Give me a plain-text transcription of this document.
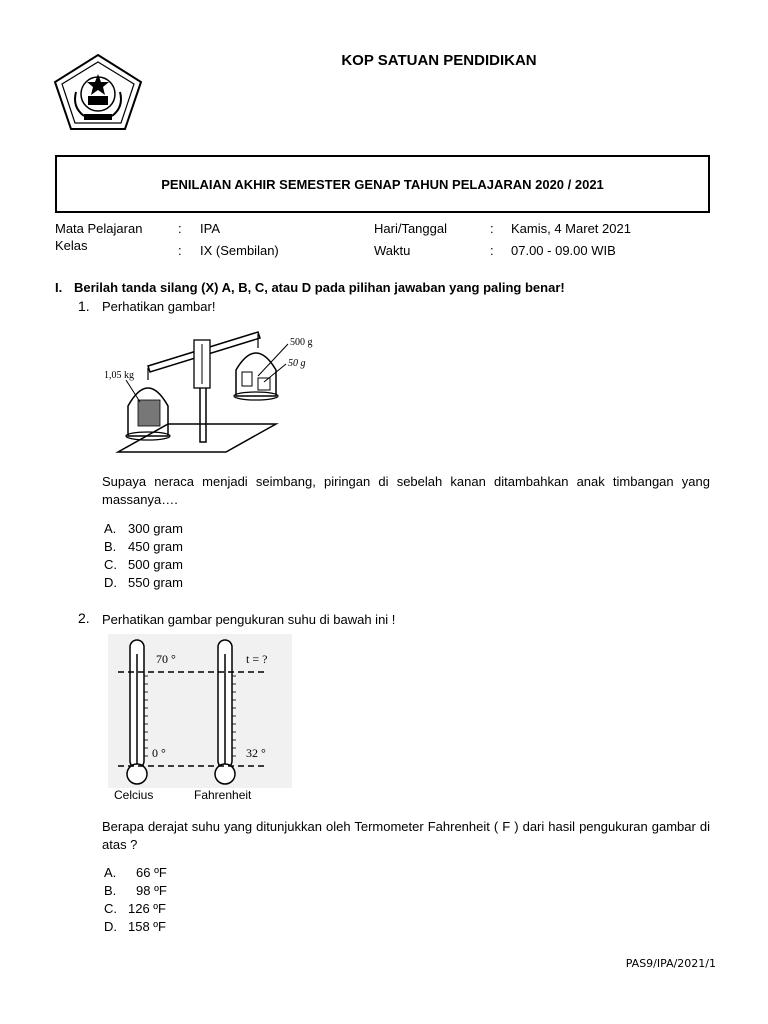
KOP SATUAN PENDIDIKAN
PENILAIAN AKHIR SEMESTER GENAP TAHUN PELAJARAN 2020 / 2021
Mata Pelajaran	: IPA
Kelas	: IX (Sembilan)
Hari/Tanggal	: Kamis, 4 Maret 2021
Waktu	: 07.00 - 09.00 WIB
I. Berilah tanda silang (X) A, B, C, atau D pada pilihan jawaban yang paling benar!
1. Perhatikan gambar!
1,05 kg
500 g
50 g
Supaya neraca menjadi seimbang, piringan di sebelah kanan ditambahkan anak timbangan yang massanya….
A. 300 gram
B. 450 gram
C. 500 gram
D. 550 gram
2. Perhatikan gambar pengukuran suhu di bawah ini !
70 °
0 °
t = ?
32 °
Celcius	Fahrenheit
Berapa derajat suhu yang ditunjukkan oleh Termometer Fahrenheit ( F ) dari hasil pengukuran gambar di atas ?
A. 66 ºF
B. 98 ºF
C. 126 ºF
D. 158 ºF
PAS9/IPA/2021/1
